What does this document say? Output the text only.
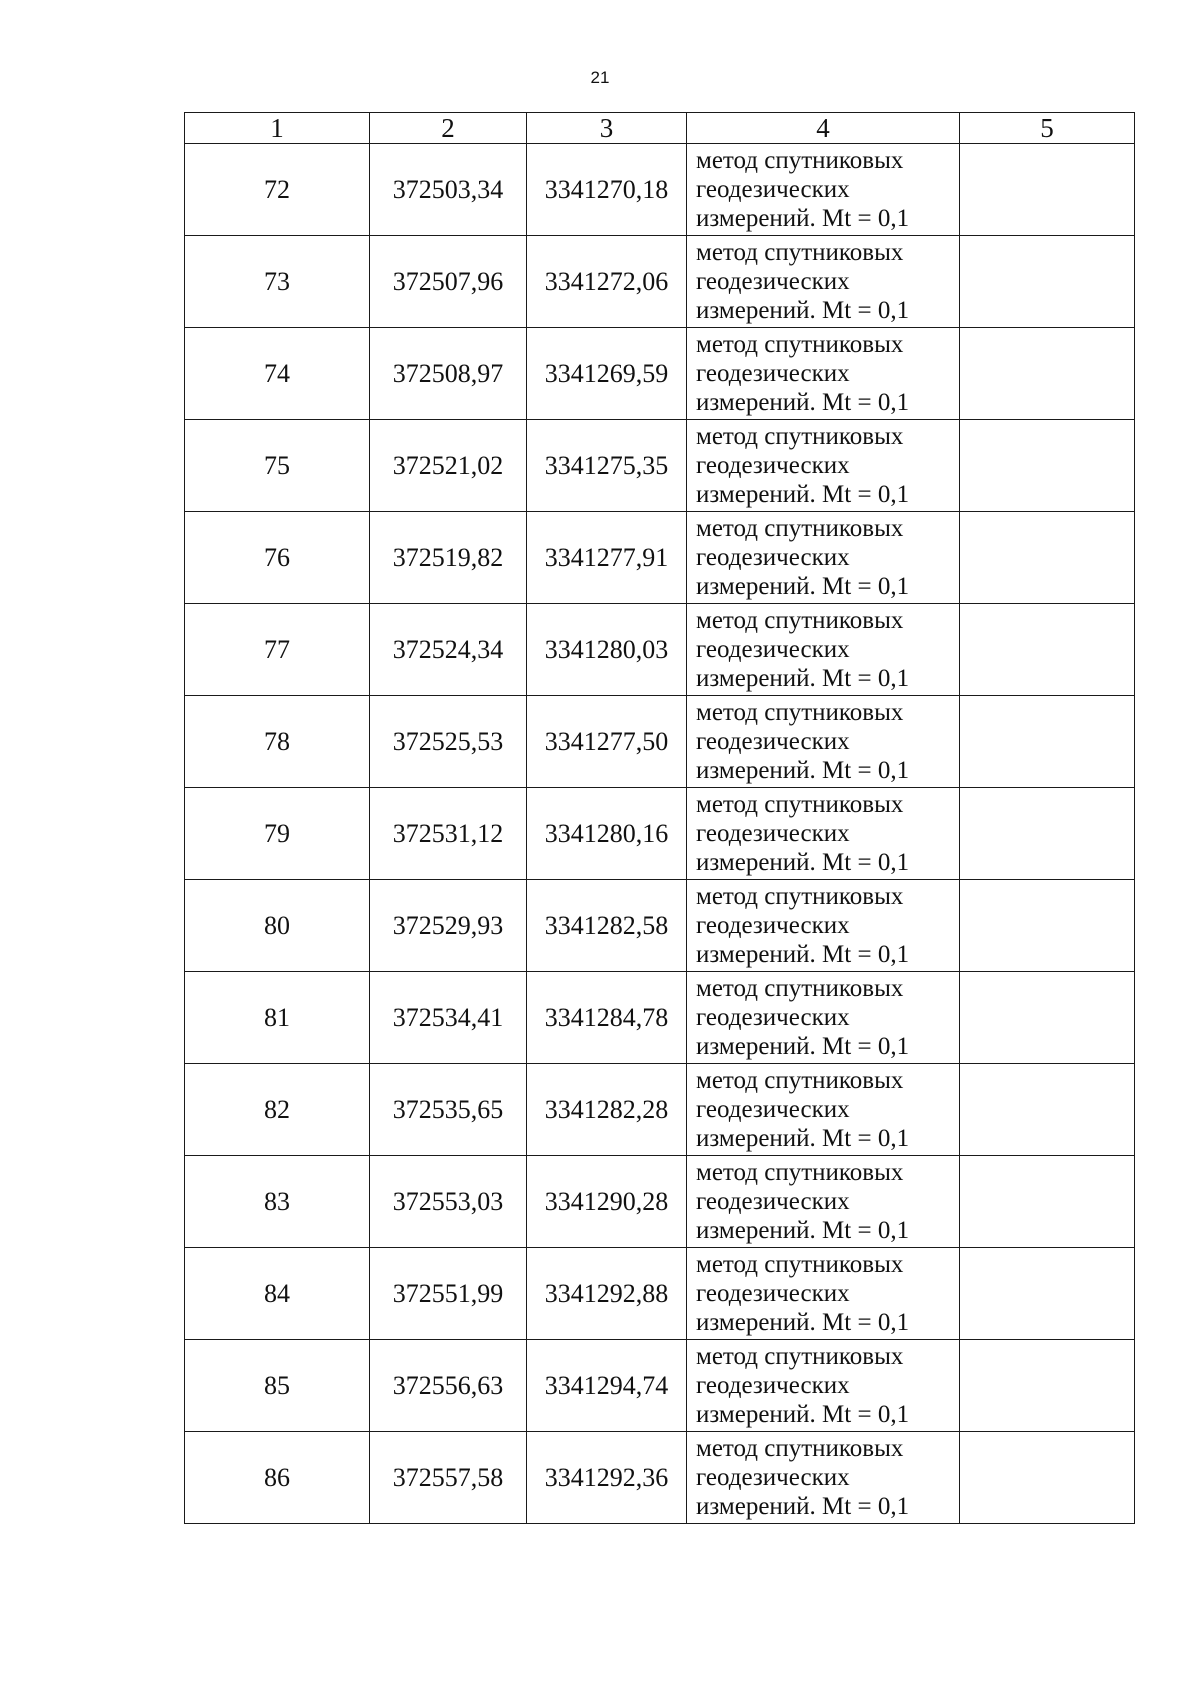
21
1	2	3	4	5
72	372503,34	3341270,18	метод спутниковых
геодезических
измерений. Mt = 0,1	
73	372507,96	3341272,06	метод спутниковых
геодезических
измерений. Mt = 0,1	
74	372508,97	3341269,59	метод спутниковых
геодезических
измерений. Mt = 0,1	
75	372521,02	3341275,35	метод спутниковых
геодезических
измерений. Mt = 0,1	
76	372519,82	3341277,91	метод спутниковых
геодезических
измерений. Mt = 0,1	
77	372524,34	3341280,03	метод спутниковых
геодезических
измерений. Mt = 0,1	
78	372525,53	3341277,50	метод спутниковых
геодезических
измерений. Mt = 0,1	
79	372531,12	3341280,16	метод спутниковых
геодезических
измерений. Mt = 0,1	
80	372529,93	3341282,58	метод спутниковых
геодезических
измерений. Mt = 0,1	
81	372534,41	3341284,78	метод спутниковых
геодезических
измерений. Mt = 0,1	
82	372535,65	3341282,28	метод спутниковых
геодезических
измерений. Mt = 0,1	
83	372553,03	3341290,28	метод спутниковых
геодезических
измерений. Mt = 0,1	
84	372551,99	3341292,88	метод спутниковых
геодезических
измерений. Mt = 0,1	
85	372556,63	3341294,74	метод спутниковых
геодезических
измерений. Mt = 0,1	
86	372557,58	3341292,36	метод спутниковых
геодезических
измерений. Mt = 0,1	
